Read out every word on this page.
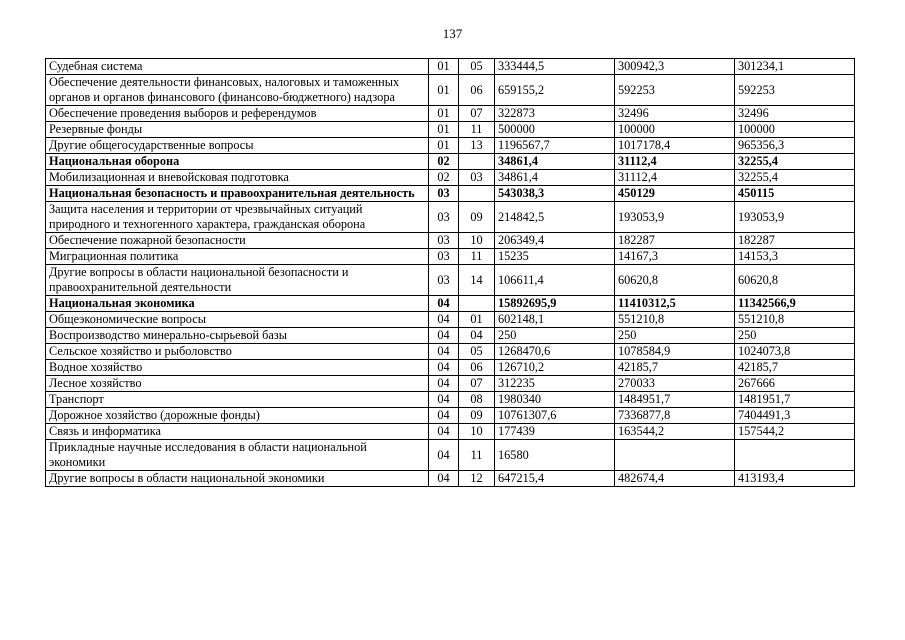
137
Судебная система	01	05	333444,5	300942,3	301234,1
Обеспечение деятельности финансовых, налоговых и таможенных органов и органов финансового (финансово-бюджетного) надзора	01	06	659155,2	592253	592253
Обеспечение проведения выборов и референдумов	01	07	322873	32496	32496
Резервные фонды	01	11	500000	100000	100000
Другие общегосударственные вопросы	01	13	1196567,7	1017178,4	965356,3
Национальная оборона	02		34861,4	31112,4	32255,4
Мобилизационная и вневойсковая подготовка	02	03	34861,4	31112,4	32255,4
Национальная безопасность и правоохранительная деятельность	03		543038,3	450129	450115
Защита населения и территории от чрезвычайных ситуаций природного и техногенного характера, гражданская оборона	03	09	214842,5	193053,9	193053,9
Обеспечение пожарной безопасности	03	10	206349,4	182287	182287
Миграционная политика	03	11	15235	14167,3	14153,3
Другие вопросы в области национальной безопасности и правоохранительной деятельности	03	14	106611,4	60620,8	60620,8
Национальная экономика	04		15892695,9	11410312,5	11342566,9
Общеэкономические вопросы	04	01	602148,1	551210,8	551210,8
Воспроизводство минерально-сырьевой базы	04	04	250	250	250
Сельское хозяйство и рыболовство	04	05	1268470,6	1078584,9	1024073,8
Водное хозяйство	04	06	126710,2	42185,7	42185,7
Лесное хозяйство	04	07	312235	270033	267666
Транспорт	04	08	1980340	1484951,7	1481951,7
Дорожное хозяйство (дорожные фонды)	04	09	10761307,6	7336877,8	7404491,3
Связь и информатика	04	10	177439	163544,2	157544,2
Прикладные научные исследования в области национальной экономики	04	11	16580		
Другие вопросы в области национальной экономики	04	12	647215,4	482674,4	413193,4
